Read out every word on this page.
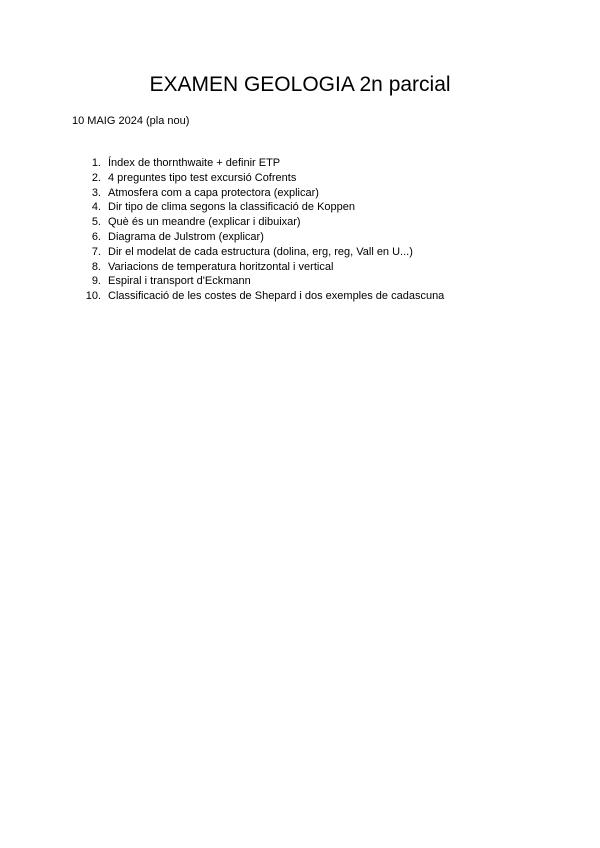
EXAMEN GEOLOGIA 2n parcial
10 MAIG 2024 (pla nou)
1. Índex de thornthwaite + definir ETP
2. 4 preguntes tipo test excursió Cofrents
3. Atmosfera com a capa protectora (explicar)
4. Dir tipo de clima segons la classificació de Koppen
5. Què és un meandre (explicar i dibuixar)
6. Diagrama de Julstrom (explicar)
7. Dir el modelat de cada estructura (dolina, erg, reg, Vall en U...)
8. Variacions de temperatura horitzontal i vertical
9. Espiral i transport d'Eckmann
10. Classificació de les costes de Shepard i dos exemples de cadascuna
